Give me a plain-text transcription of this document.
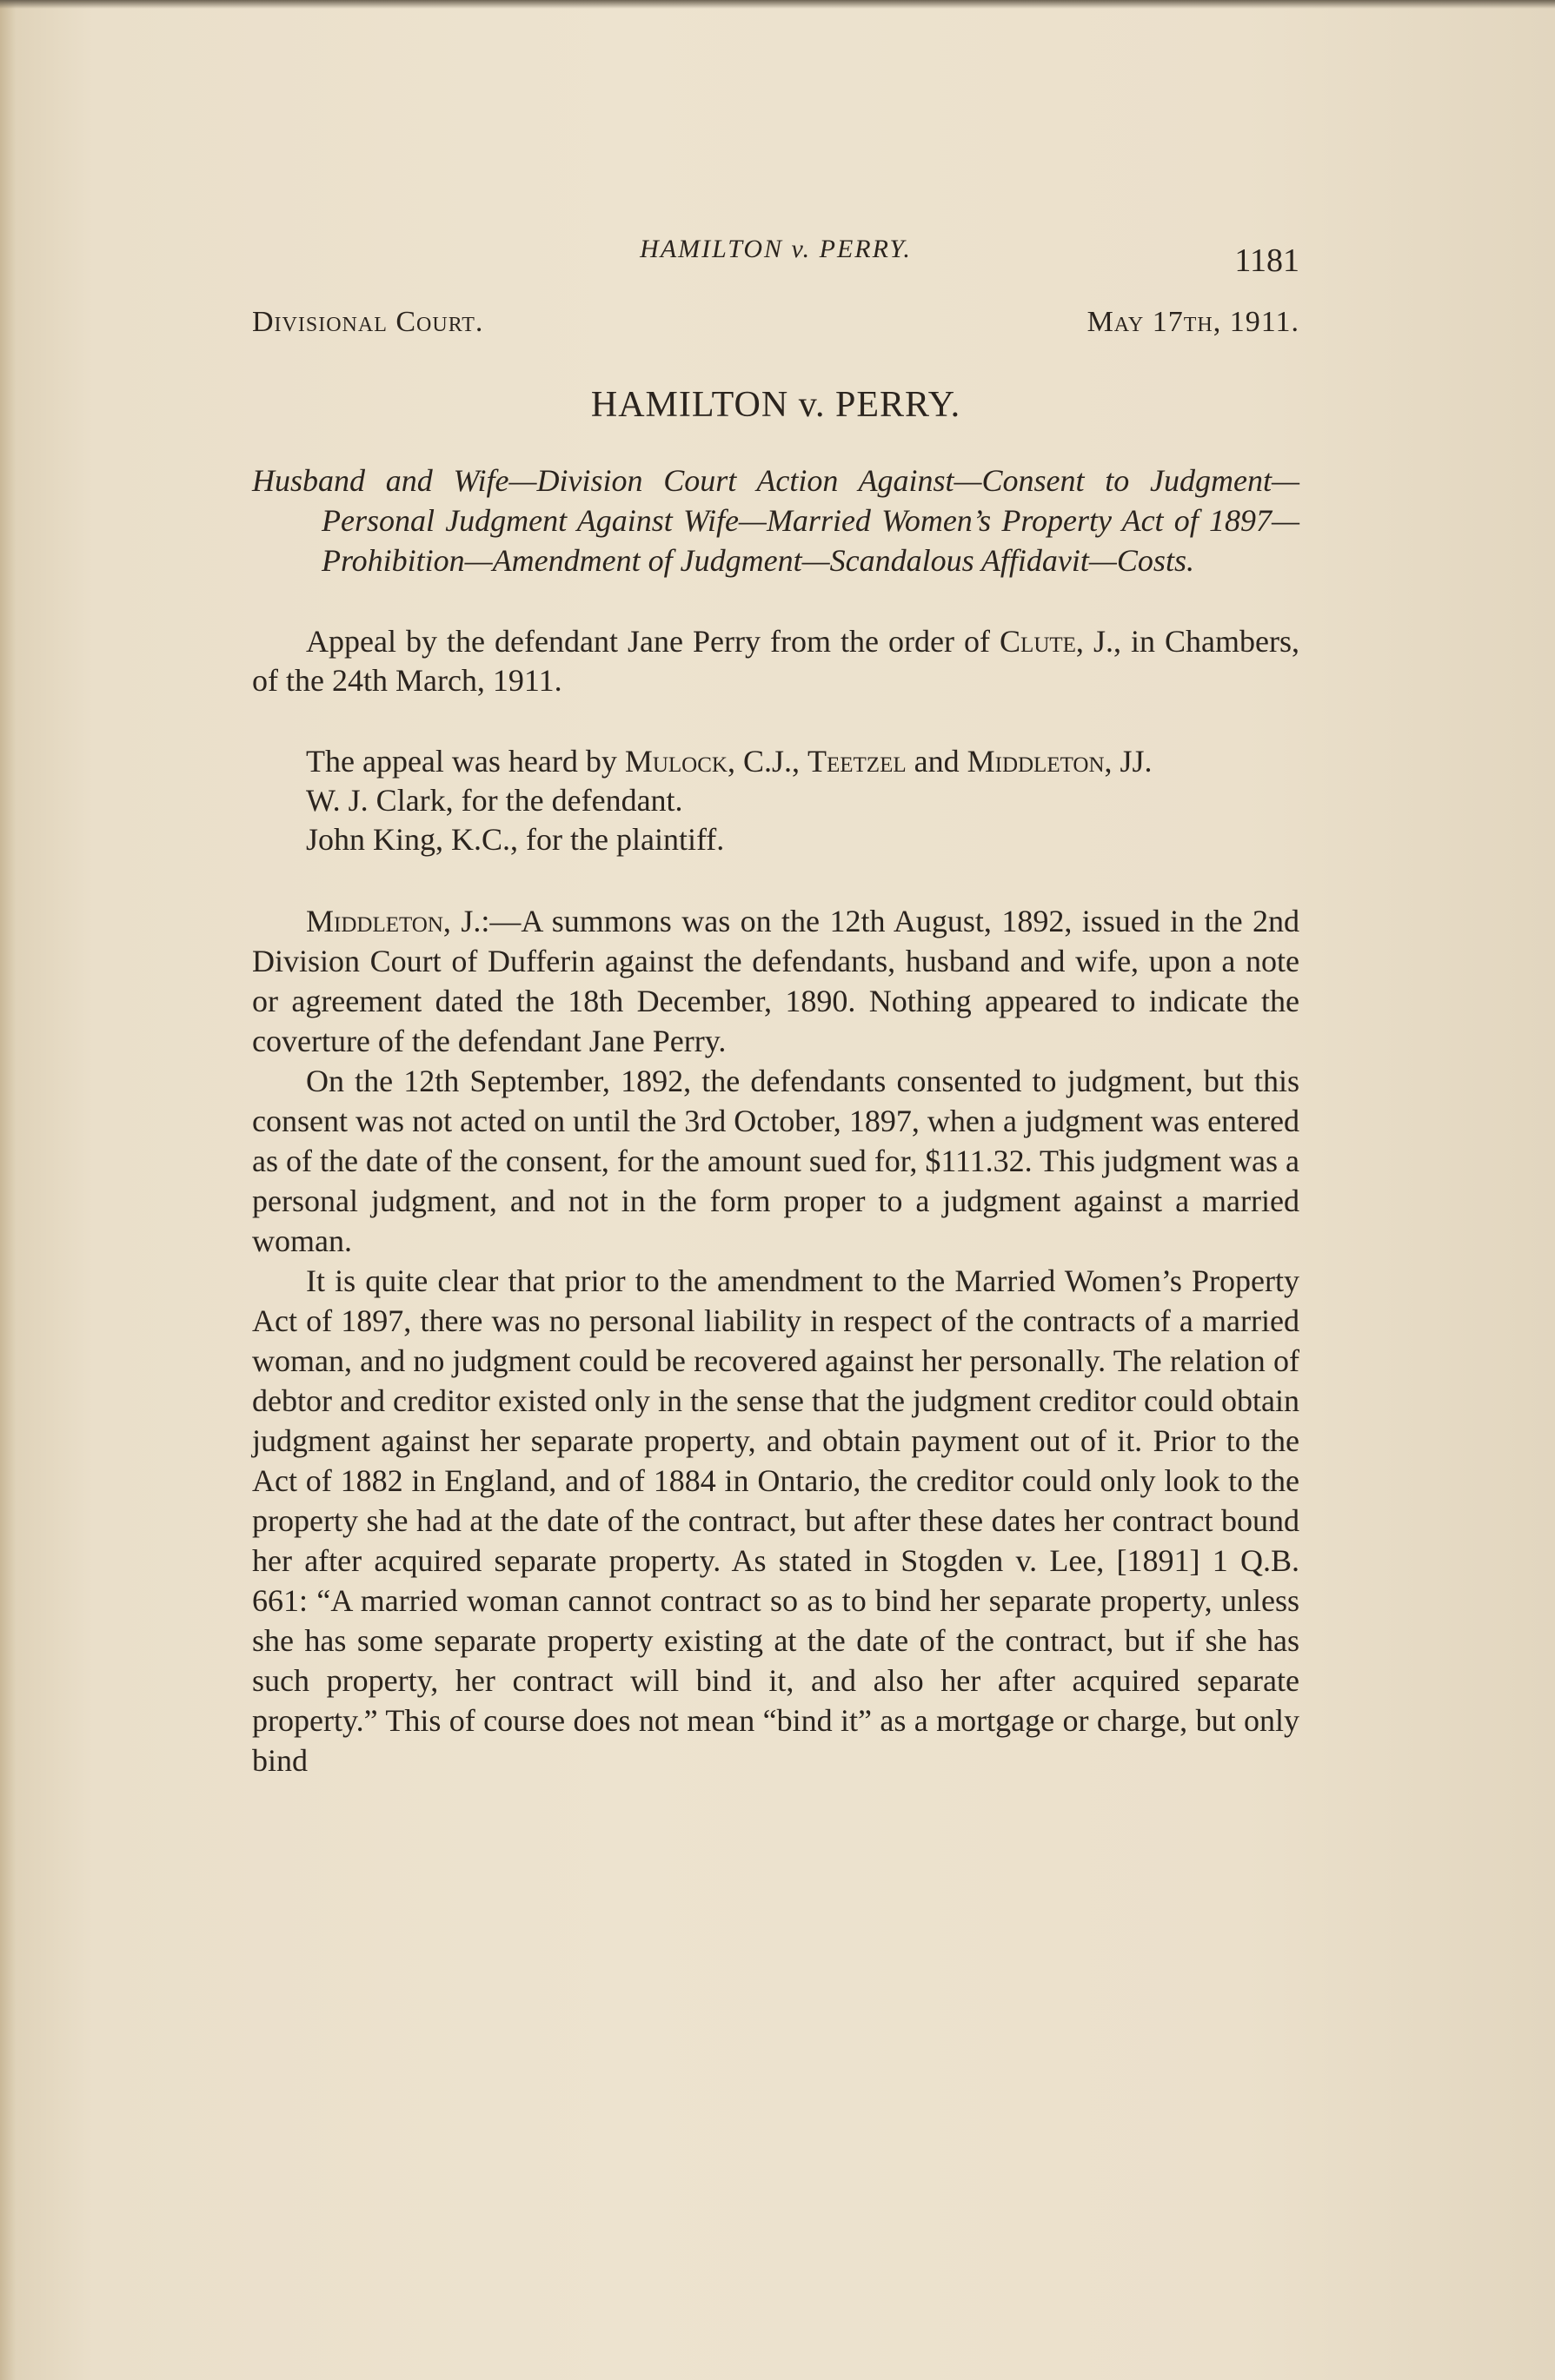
HAMILTON v. PERRY.	1181
Divisional Court.	May 17th, 1911.
HAMILTON v. PERRY.
Husband and Wife—Division Court Action Against—Consent to Judgment—Personal Judgment Against Wife—Married Women’s Property Act of 1897—Prohibition—Amendment of Judgment—Scandalous Affidavit—Costs.

Appeal by the defendant Jane Perry from the order of Clute, J., in Chambers, of the 24th March, 1911.

The appeal was heard by Mulock, C.J., Teetzel and Middleton, JJ.

W. J. Clark, for the defendant.

John King, K.C., for the plaintiff.

Middleton, J.:—A summons was on the 12th August, 1892, issued in the 2nd Division Court of Dufferin against the defendants, husband and wife, upon a note or agreement dated the 18th December, 1890. Nothing appeared to indicate the coverture of the defendant Jane Perry.

On the 12th September, 1892, the defendants consented to judgment, but this consent was not acted on until the 3rd October, 1897, when a judgment was entered as of the date of the consent, for the amount sued for, $111.32. This judgment was a personal judgment, and not in the form proper to a judgment against a married woman.

It is quite clear that prior to the amendment to the Married Women’s Property Act of 1897, there was no personal liability in respect of the contracts of a married woman, and no judgment could be recovered against her personally. The relation of debtor and creditor existed only in the sense that the judgment creditor could obtain judgment against her separate property, and obtain payment out of it. Prior to the Act of 1882 in England, and of 1884 in Ontario, the creditor could only look to the property she had at the date of the contract, but after these dates her contract bound her after acquired separate property. As stated in Stogden v. Lee, [1891] 1 Q.B. 661: “A married woman cannot contract so as to bind her separate property, unless she has some separate property existing at the date of the contract, but if she has such property, her contract will bind it, and also her after acquired separate property.” This of course does not mean “bind it” as a mortgage or charge, but only bind
